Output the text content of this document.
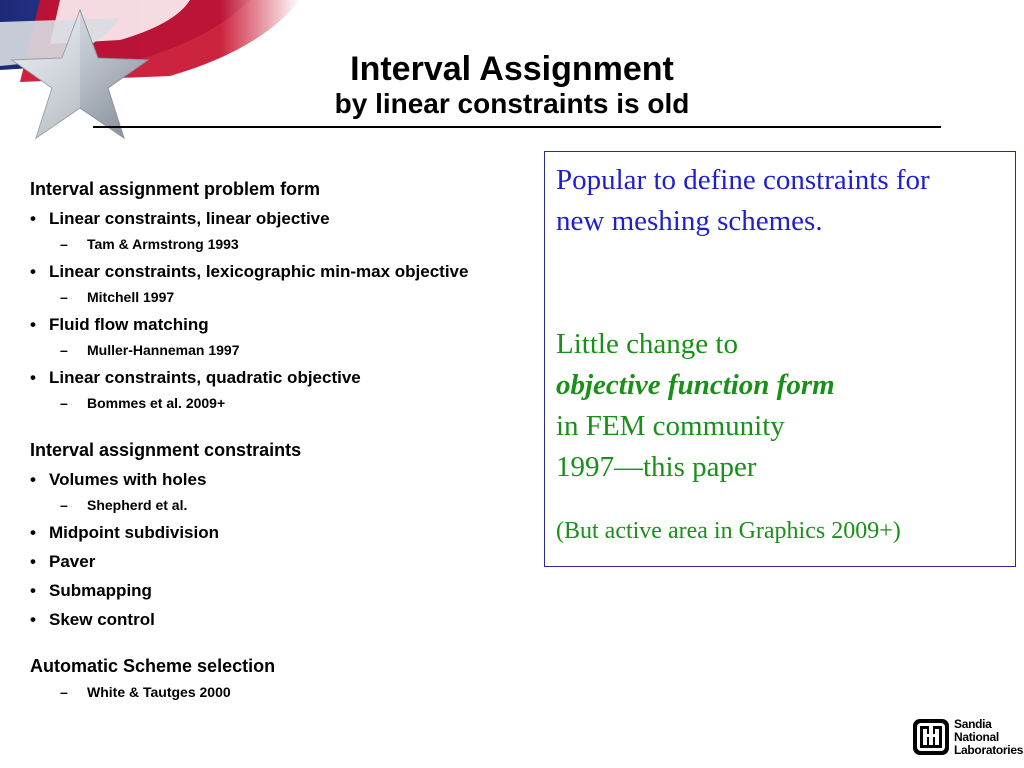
Interval Assignment
by linear constraints is old
Interval assignment problem form
• Linear constraints, linear objective
– Tam & Armstrong 1993
• Linear constraints, lexicographic min-max objective
– Mitchell 1997
• Fluid flow matching
– Muller-Hanneman 1997
• Linear constraints, quadratic objective
– Bommes et al. 2009+
Interval assignment constraints
• Volumes with holes
– Shepherd et al.
• Midpoint subdivision
• Paver
• Submapping
• Skew control
Automatic Scheme selection
– White & Tautges 2000
Popular to define constraints for
new meshing schemes.
Little change to
objective function form
in FEM community
1997—this paper
(But active area in Graphics 2009+)
Sandia
National
Laboratories
